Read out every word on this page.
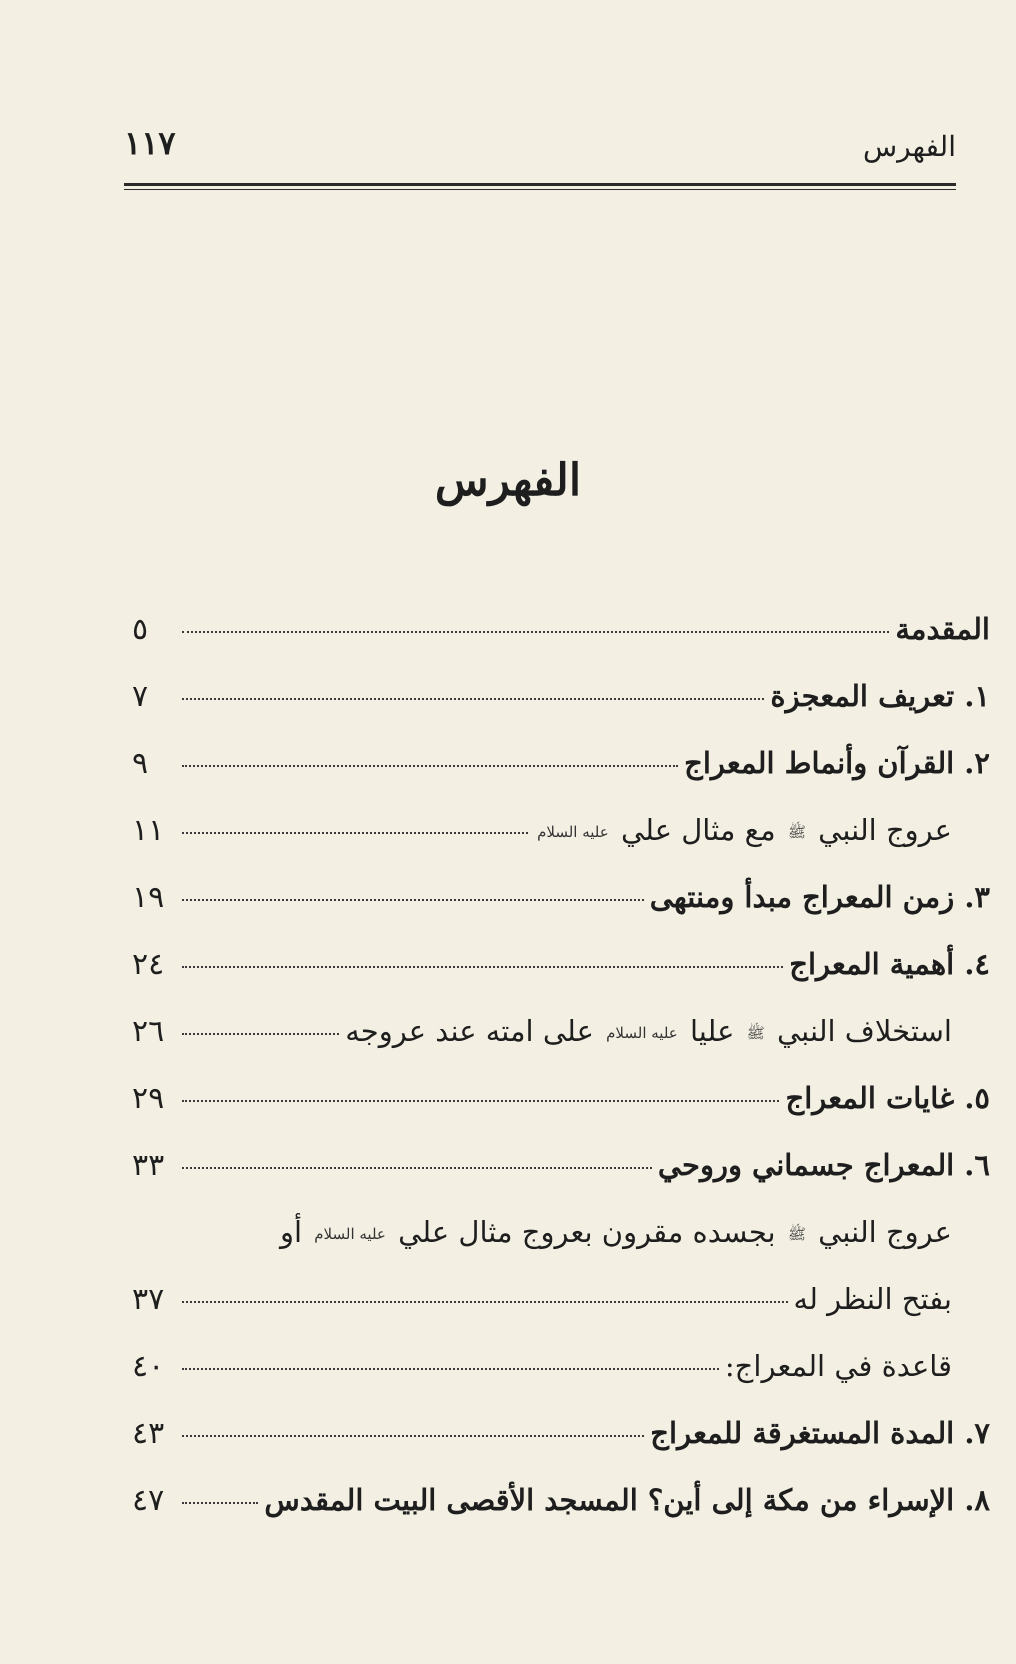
الفهرس
١١٧
الفهرس
المقدمة
٥
١. تعريف المعجزة
٧
٢. القرآن وأنماط المعراج
٩
عروج النبي ﷺ مع مثال علي عليه السلام
١١
٣. زمن المعراج مبدأ ومنتهى
١٩
٤. أهمية المعراج
٢٤
استخلاف النبي ﷺ عليا عليه السلام على امته عند عروجه
٢٦
٥. غايات المعراج
٢٩
٦. المعراج جسماني وروحي
٣٣
عروج النبي ﷺ بجسده مقرون بعروج مثال علي عليه السلام أو
بفتح النظر له
٣٧
قاعدة في المعراج:
٤٠
٧. المدة المستغرقة للمعراج
٤٣
٨. الإسراء من مكة إلى أين؟ المسجد الأقصى البيت المقدس
٤٧
